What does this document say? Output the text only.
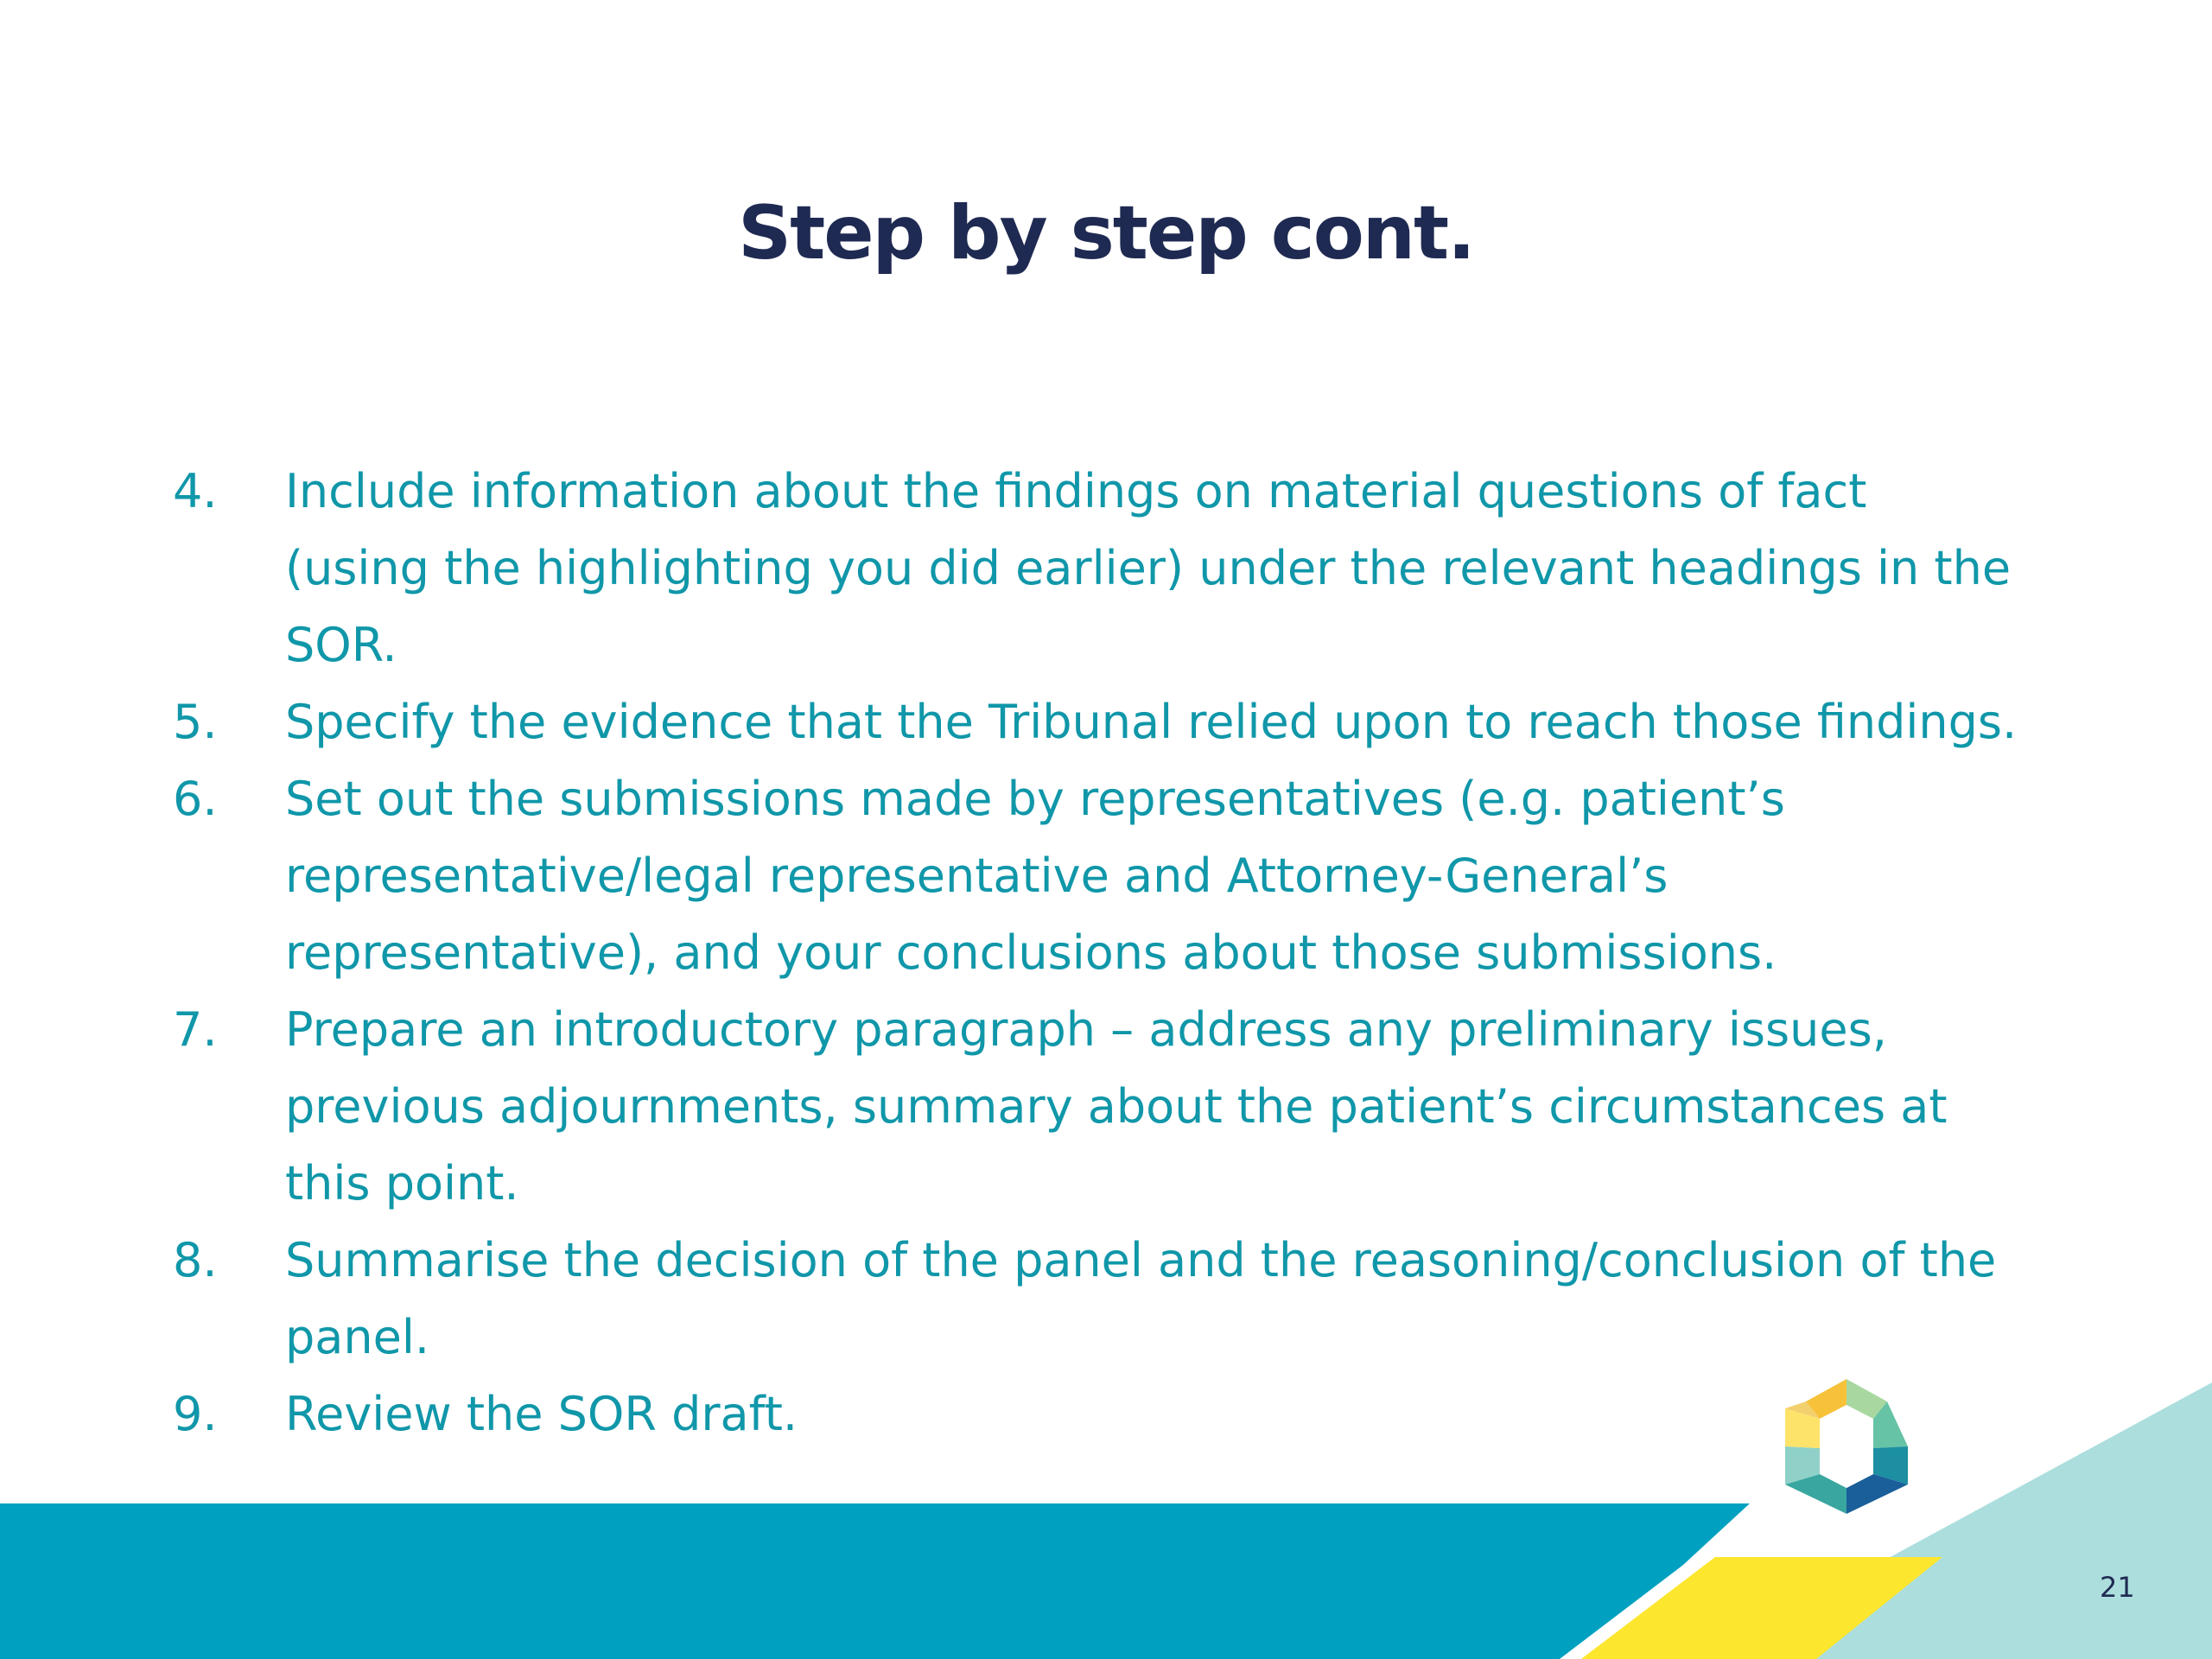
Step by step cont.
4. Include information about the findings on material questions of fact
(using the highlighting you did earlier) under the relevant headings in the
SOR.
5. Specify the evidence that the Tribunal relied upon to reach those findings.
6. Set out the submissions made by representatives (e.g. patient’s
representative/legal representative and Attorney-General’s
representative), and your conclusions about those submissions.
7. Prepare an introductory paragraph – address any preliminary issues,
previous adjournments, summary about the patient’s circumstances at
this point.
8. Summarise the decision of the panel and the reasoning/conclusion of the
panel.
9. Review the SOR draft.
21
